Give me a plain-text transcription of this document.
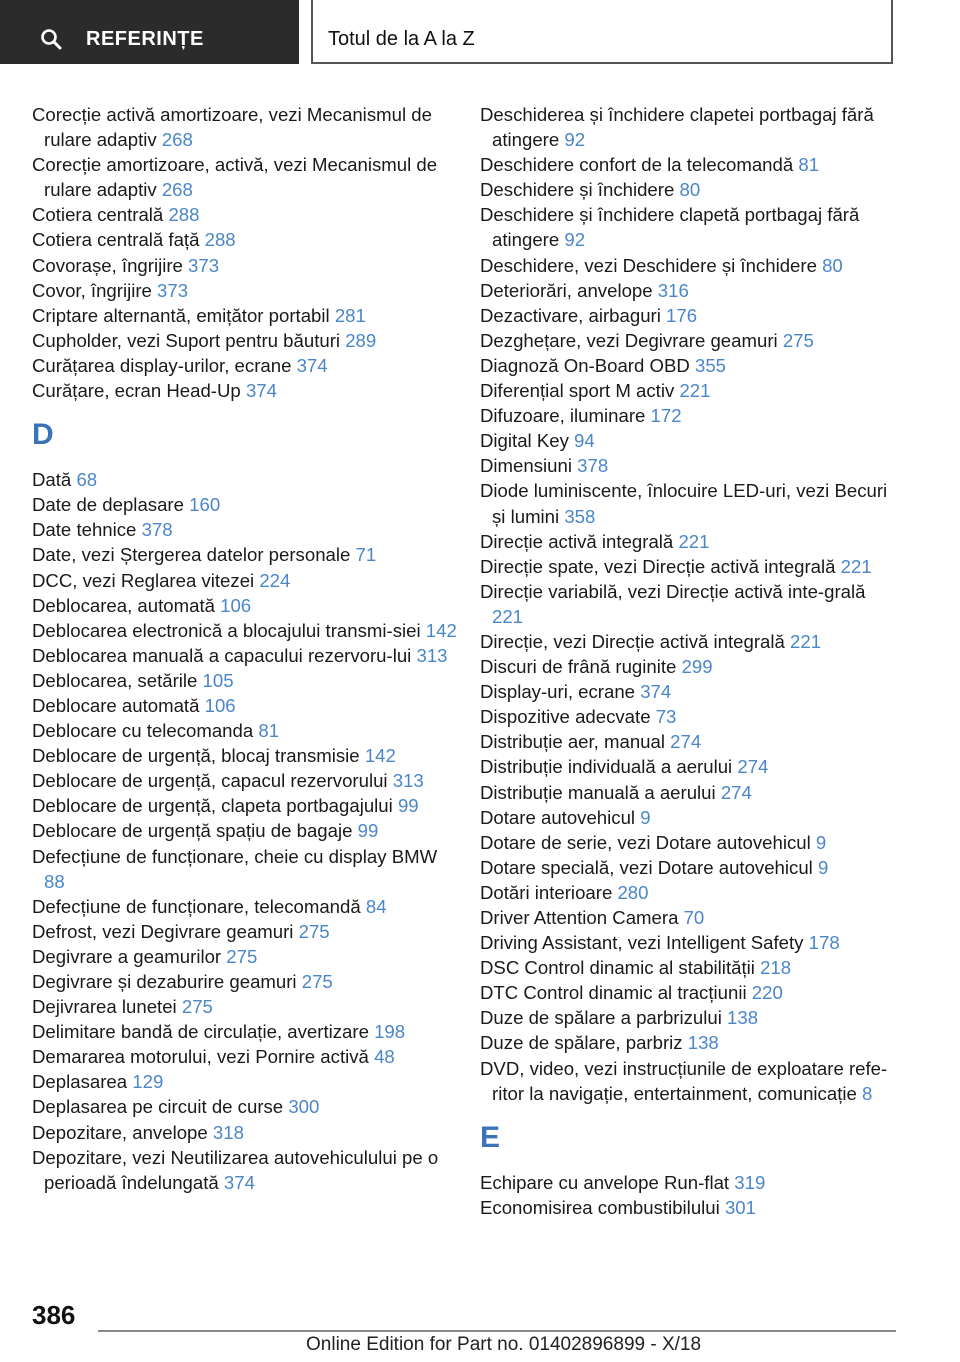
REFERINȚE	Totul de la A la Z
Corecție activă amortizoare, vezi Mecanismul de rulare adaptiv 268
Corecție amortizoare, activă, vezi Mecanismul de rulare adaptiv 268
Cotiera centrală 288
Cotiera centrală față 288
Covorașe, îngrijire 373
Covor, îngrijire 373
Criptare alternantă, emițător portabil 281
Cupholder, vezi Suport pentru băuturi 289
Curățarea display-urilor, ecrane 374
Curățare, ecran Head-Up 374
D
Dată 68
Date de deplasare 160
Date tehnice 378
Date, vezi Ștergerea datelor personale 71
DCC, vezi Reglarea vitezei 224
Deblocarea, automată 106
Deblocarea electronică a blocajului transmi-siei 142
Deblocarea manuală a capacului rezervoru-lui 313
Deblocarea, setările 105
Deblocare automată 106
Deblocare cu telecomanda 81
Deblocare de urgență, blocaj transmisie 142
Deblocare de urgență, capacul rezervorului 313
Deblocare de urgență, clapeta portbagajului 99
Deblocare de urgență spațiu de bagaje 99
Defecțiune de funcționare, cheie cu display BMW 88
Defecțiune de funcționare, telecomandă 84
Defrost, vezi Degivrare geamuri 275
Degivrare a geamurilor 275
Degivrare și dezaburire geamuri 275
Dejivrarea lunetei 275
Delimitare bandă de circulație, avertizare 198
Demararea motorului, vezi Pornire activă 48
Deplasarea 129
Deplasarea pe circuit de curse 300
Depozitare, anvelope 318
Depozitare, vezi Neutilizarea autovehiculului pe o perioadă îndelungată 374
Deschiderea și închidere clapetei portbagaj fără atingere 92
Deschidere confort de la telecomandă 81
Deschidere și închidere 80
Deschidere și închidere clapetă portbagaj fără atingere 92
Deschidere, vezi Deschidere și închidere 80
Deteriorări, anvelope 316
Dezactivare, airbaguri 176
Dezghețare, vezi Degivrare geamuri 275
Diagnoză On-Board OBD 355
Diferențial sport M activ 221
Difuzoare, iluminare 172
Digital Key 94
Dimensiuni 378
Diode luminiscente, înlocuire LED-uri, vezi Becuri și lumini 358
Direcție activă integrală 221
Direcție spate, vezi Direcție activă integrală 221
Direcție variabilă, vezi Direcție activă inte-grală 221
Direcție, vezi Direcție activă integrală 221
Discuri de frână ruginite 299
Display-uri, ecrane 374
Dispozitive adecvate 73
Distribuție aer, manual 274
Distribuție individuală a aerului 274
Distribuție manuală a aerului 274
Dotare autovehicul 9
Dotare de serie, vezi Dotare autovehicul 9
Dotare specială, vezi Dotare autovehicul 9
Dotări interioare 280
Driver Attention Camera 70
Driving Assistant, vezi Intelligent Safety 178
DSC Control dinamic al stabilității 218
DTC Control dinamic al tracțiunii 220
Duze de spălare a parbrizului 138
Duze de spălare, parbriz 138
DVD, video, vezi instrucțiunile de exploatare refe-ritor la navigație, entertainment, comunicație 8
E
Echipare cu anvelope Run-flat 319
Economisirea combustibilului 301
386
Online Edition for Part no. 01402896899 - X/18
